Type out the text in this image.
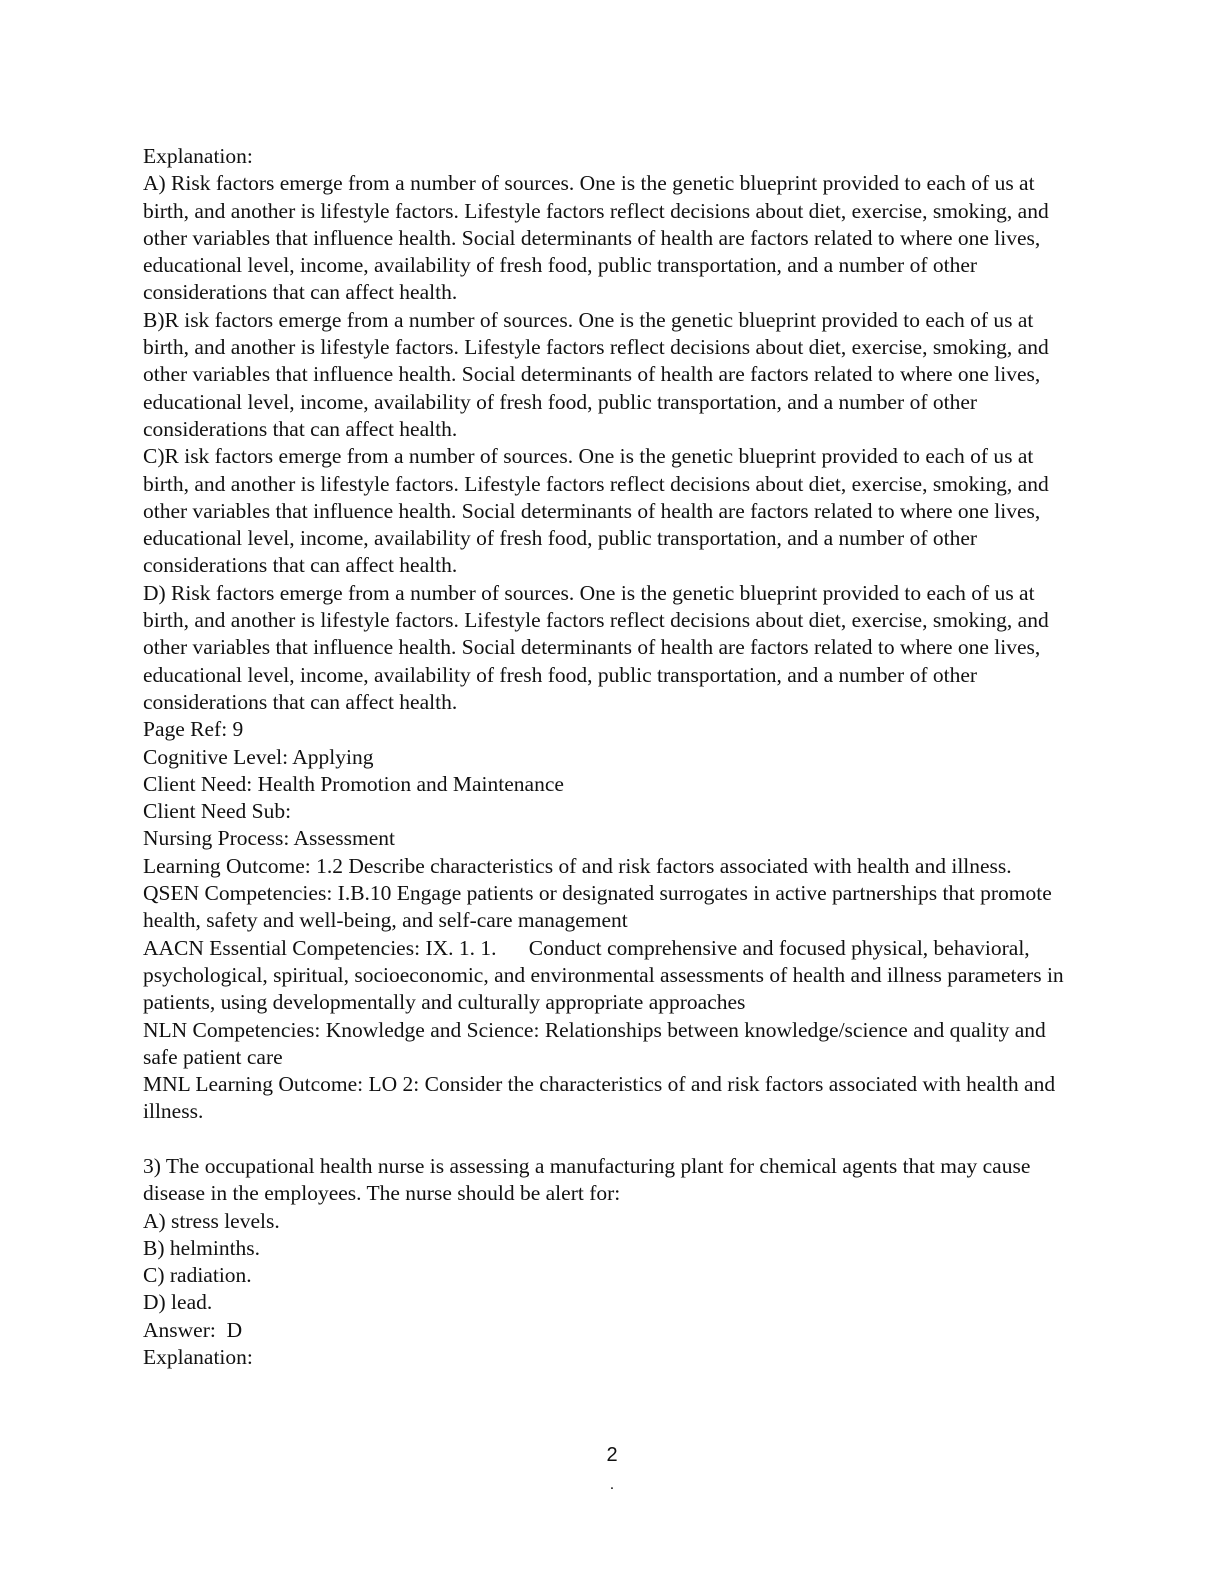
Explanation:

A) Risk factors emerge from a number of sources. One is the genetic blueprint provided to each of us at birth, and another is lifestyle factors. Lifestyle factors reflect decisions about diet, exercise, smoking, and other variables that influence health. Social determinants of health are factors related to where one lives, educational level, income, availability of fresh food, public transportation, and a number of other considerations that can affect health.

B)R isk factors emerge from a number of sources. One is the genetic blueprint provided to each of us at birth, and another is lifestyle factors. Lifestyle factors reflect decisions about diet, exercise, smoking, and other variables that influence health. Social determinants of health are factors related to where one lives, educational level, income, availability of fresh food, public transportation, and a number of other considerations that can affect health.

C)R isk factors emerge from a number of sources. One is the genetic blueprint provided to each of us at birth, and another is lifestyle factors. Lifestyle factors reflect decisions about diet, exercise, smoking, and other variables that influence health. Social determinants of health are factors related to where one lives, educational level, income, availability of fresh food, public transportation, and a number of other considerations that can affect health.

D) Risk factors emerge from a number of sources. One is the genetic blueprint provided to each of us at birth, and another is lifestyle factors. Lifestyle factors reflect decisions about diet, exercise, smoking, and other variables that influence health. Social determinants of health are factors related to where one lives, educational level, income, availability of fresh food, public transportation, and a number of other considerations that can affect health.

Page Ref: 9

Cognitive Level: Applying

Client Need: Health Promotion and Maintenance

Client Need Sub:

Nursing Process: Assessment

Learning Outcome: 1.2 Describe characteristics of and risk factors associated with health and illness.

QSEN Competencies: I.B.10 Engage patients or designated surrogates in active partnerships that promote health, safety and well-being, and self-care management

AACN Essential Competencies: IX. 1. 1.      Conduct comprehensive and focused physical, behavioral, psychological, spiritual, socioeconomic, and environmental assessments of health and illness parameters in patients, using developmentally and culturally appropriate approaches

NLN Competencies: Knowledge and Science: Relationships between knowledge/science and quality and safe patient care

MNL Learning Outcome: LO 2: Consider the characteristics of and risk factors associated with health and illness.

3) The occupational health nurse is assessing a manufacturing plant for chemical agents that may cause disease in the employees. The nurse should be alert for:

A) stress levels.

B) helminths.

C) radiation.

D) lead.

Answer:  D

Explanation:

2
.
